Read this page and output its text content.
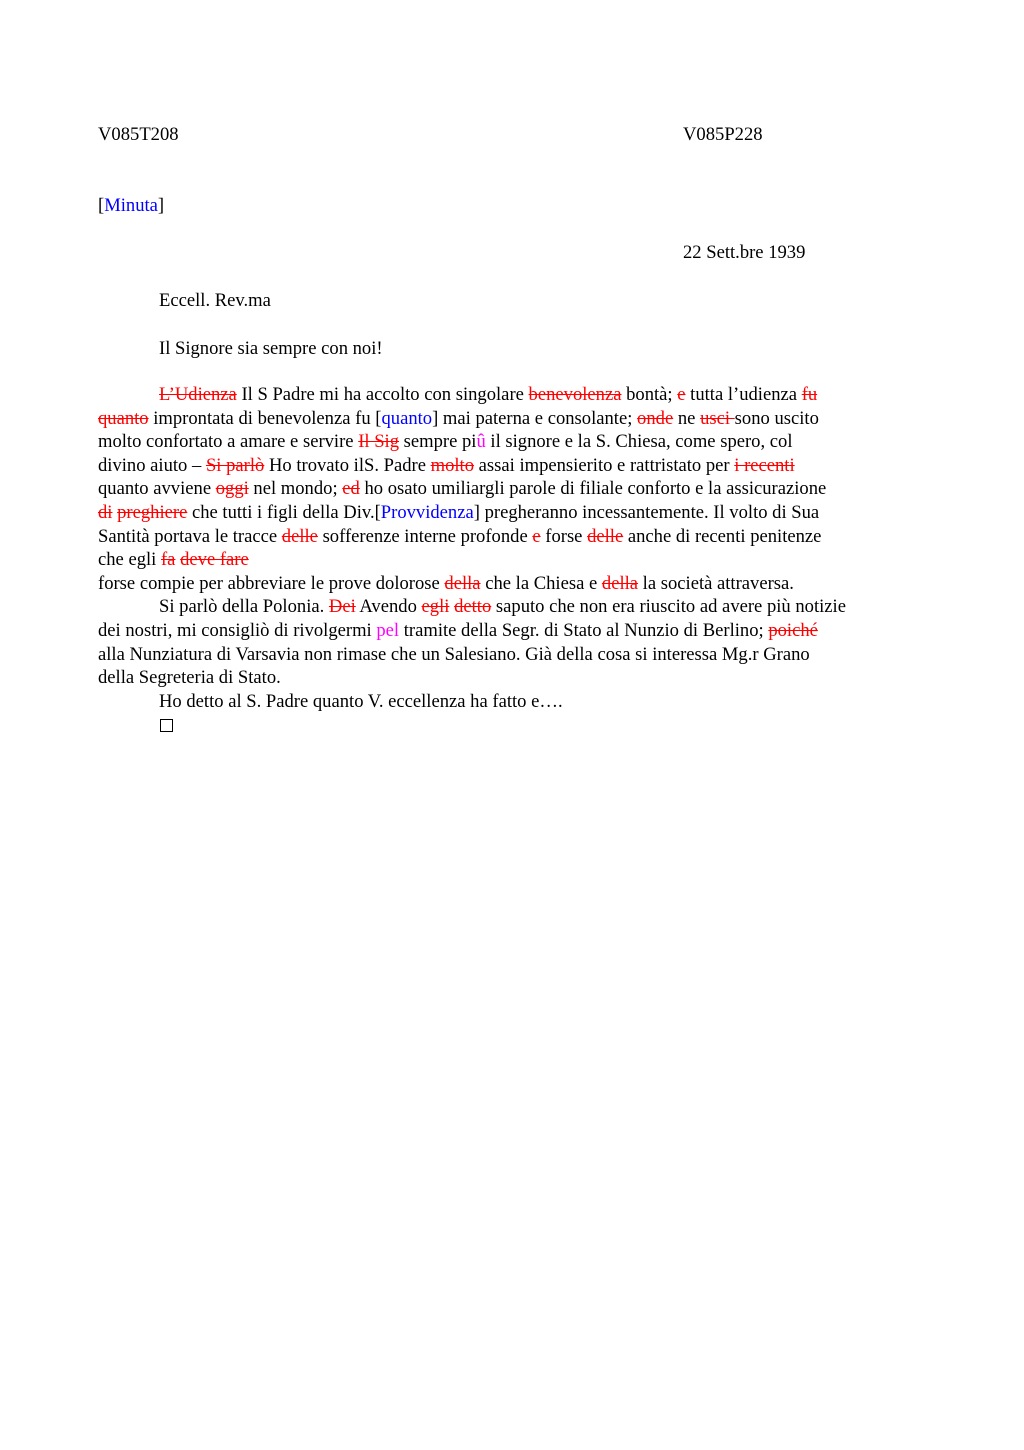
V085T208	V085P228
[Minuta]
22 Sett.bre 1939
Eccell. Rev.ma
Il Signore sia sempre con noi!
L’Udienza Il S Padre mi ha accolto con singolare benevolenza bontà; e tutta l’udienza fu
quanto improntata di benevolenza fu [quanto] mai paterna e consolante; onde ne usci sono uscito
molto confortato a amare e servire Il Sig sempre piû il signore e la S. Chiesa, come spero, col
divino aiuto – Si parlò Ho trovato ilS. Padre molto assai impensierito e rattristato per i recenti
quanto avviene oggi nel mondo; ed ho osato umiliargli parole di filiale conforto e la assicurazione
di preghiere che tutti i figli della Div.[Provvidenza] pregheranno incessantemente. Il volto di Sua
Santità portava le tracce delle sofferenze interne profonde e forse delle anche di recenti penitenze
che egli fa deve fare
forse compie per abbreviare le prove dolorose della che la Chiesa e della la società attraversa.
Si parlò della Polonia. Dei Avendo egli detto saputo che non era riuscito ad avere più notizie
dei nostri, mi consigliò di rivolgermi pel tramite della Segr. di Stato al Nunzio di Berlino; poiché
alla Nunziatura di Varsavia non rimase che un Salesiano. Già della cosa si interessa Mg.r Grano
della Segreteria di Stato.
Ho detto al S. Padre quanto V. eccellenza ha fatto e….
